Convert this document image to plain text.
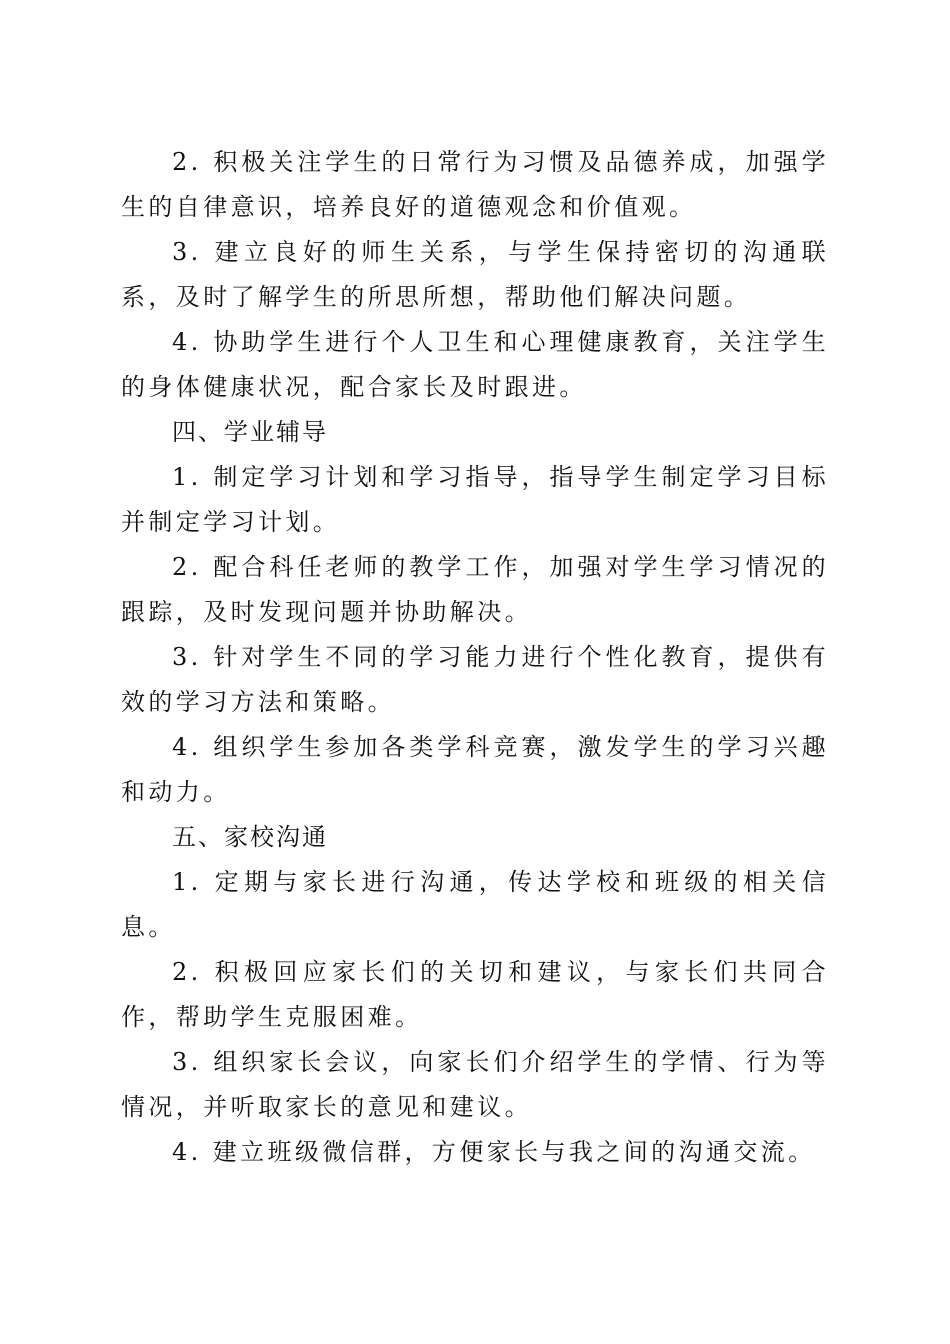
2. 积极关注学生的日常行为习惯及品德养成，加强学生的自律意识，培养良好的道德观念和价值观。

3. 建立良好的师生关系，与学生保持密切的沟通联系，及时了解学生的所思所想，帮助他们解决问题。

4. 协助学生进行个人卫生和心理健康教育，关注学生的身体健康状况，配合家长及时跟进。

四、学业辅导

1. 制定学习计划和学习指导，指导学生制定学习目标并制定学习计划。

2. 配合科任老师的教学工作，加强对学生学习情况的跟踪，及时发现问题并协助解决。

3. 针对学生不同的学习能力进行个性化教育，提供有效的学习方法和策略。

4. 组织学生参加各类学科竞赛，激发学生的学习兴趣和动力。

五、家校沟通

1. 定期与家长进行沟通，传达学校和班级的相关信息。

2. 积极回应家长们的关切和建议，与家长们共同合作，帮助学生克服困难。

3. 组织家长会议，向家长们介绍学生的学情、行为等情况，并听取家长的意见和建议。

4. 建立班级微信群，方便家长与我之间的沟通交流。
